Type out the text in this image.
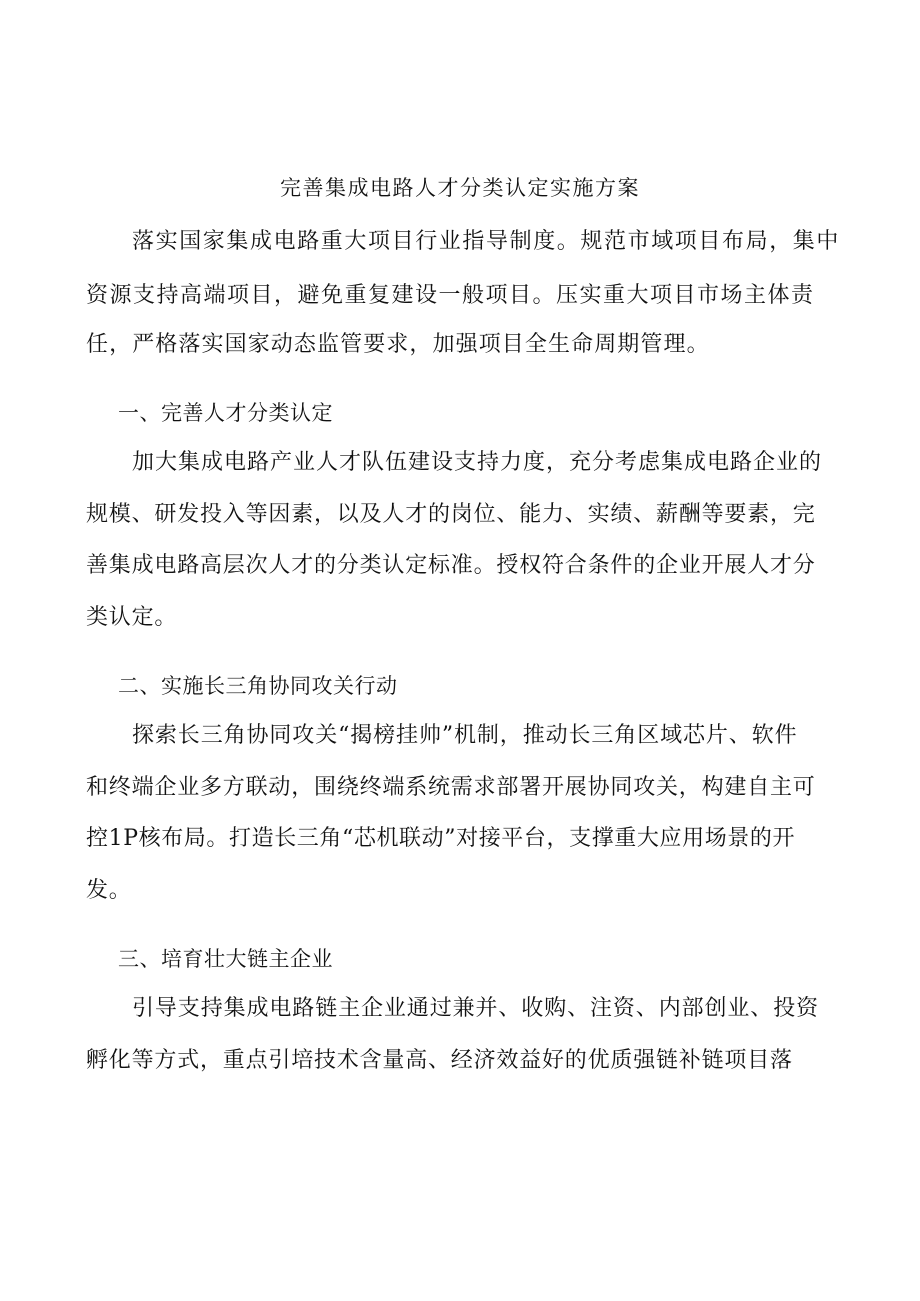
完善集成电路人才分类认定实施方案
落实国家集成电路重大项目行业指导制度。规范市域项目布局，集中
资源支持高端项目，避免重复建设一般项目。压实重大项目市场主体责
任，严格落实国家动态监管要求，加强项目全生命周期管理。
一、完善人才分类认定
加大集成电路产业人才队伍建设支持力度，充分考虑集成电路企业的
规模、研发投入等因素，以及人才的岗位、能力、实绩、薪酬等要素，完
善集成电路高层次人才的分类认定标准。授权符合条件的企业开展人才分
类认定。
二、实施长三角协同攻关行动
探索长三角协同攻关“揭榜挂帅”机制，推动长三角区域芯片、软件
和终端企业多方联动，围绕终端系统需求部署开展协同攻关，构建自主可
控1P核布局。打造长三角“芯机联动”对接平台，支撑重大应用场景的开
发。
三、培育壮大链主企业
引导支持集成电路链主企业通过兼并、收购、注资、内部创业、投资
孵化等方式，重点引培技术含量高、经济效益好的优质强链补链项目落
